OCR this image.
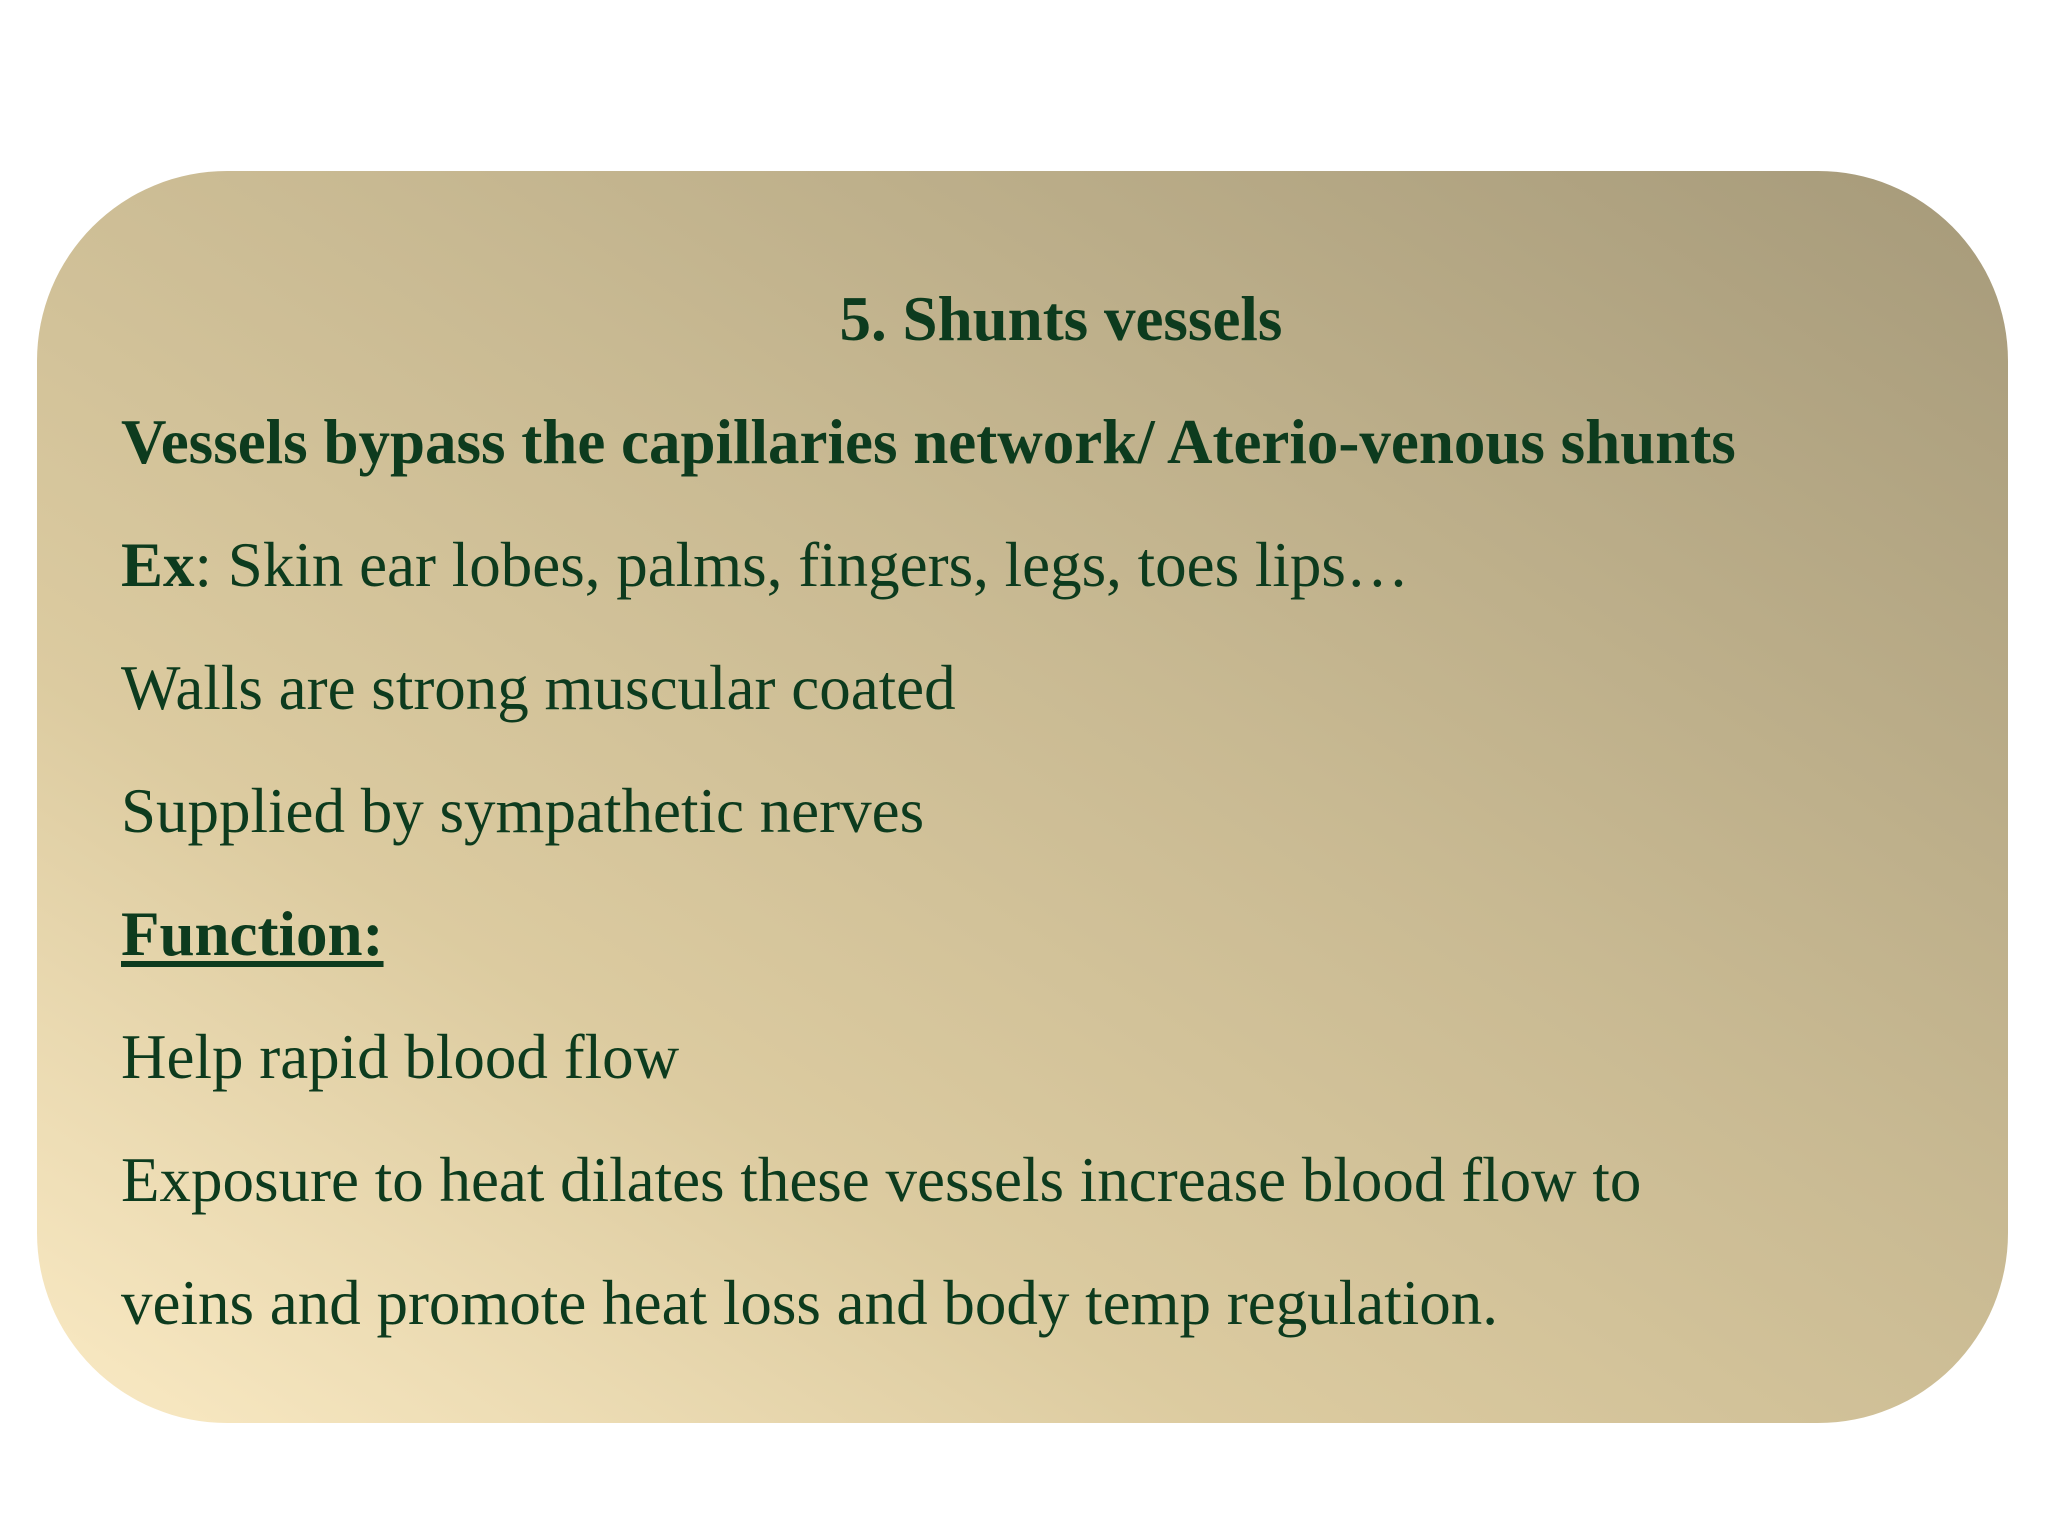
5. Shunts vessels
Vessels bypass the capillaries network/ Aterio-venous shunts
Ex: Skin ear lobes, palms, fingers, legs, toes lips…
Walls are strong muscular coated
Supplied by sympathetic nerves
Function:
Help rapid blood flow
Exposure to heat dilates these vessels increase blood flow to
veins and promote heat loss and body temp regulation.
